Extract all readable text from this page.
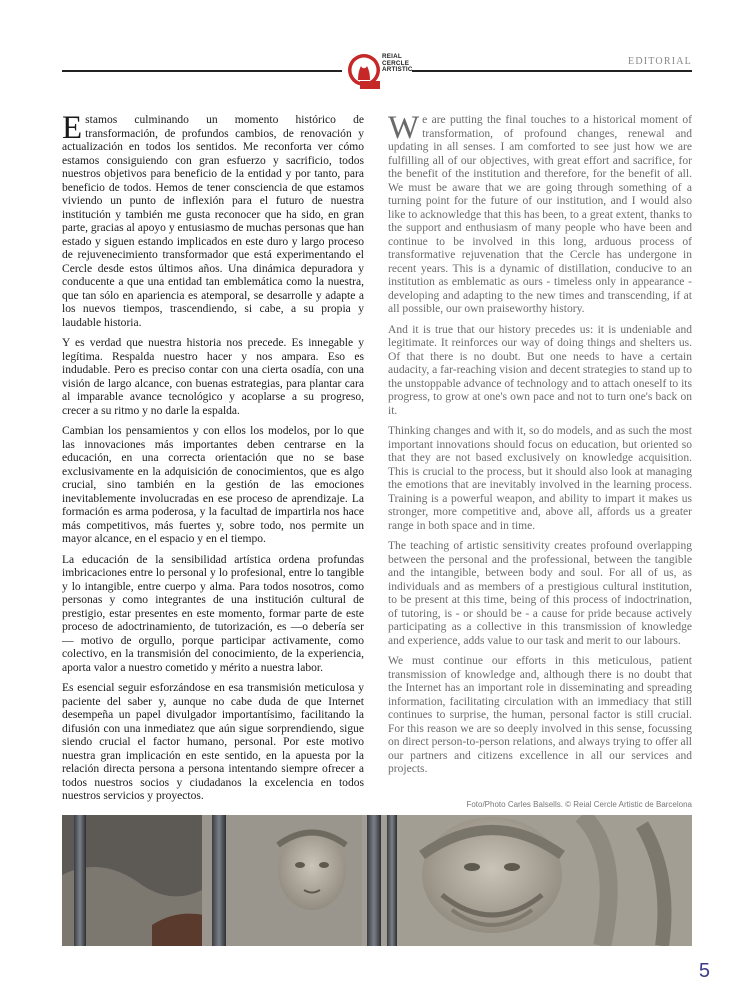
EDITORIAL
REIAL
CERCLE
ARTISTIC

Estamos culminando un momento histórico de transformación, de profundos cambios, de renovación y actualización en todos los sentidos. Me reconforta ver cómo estamos consiguiendo con gran esfuerzo y sacrificio, todos nuestros objetivos para beneficio de la entidad y por tanto, para beneficio de todos. Hemos de tener consciencia de que estamos viviendo un punto de inflexión para el futuro de nuestra institución y también me gusta reconocer que ha sido, en gran parte, gracias al apoyo y entusiasmo de muchas personas que han estado y siguen estando implicados en este duro y largo proceso de rejuvenecimiento transformador que está experimentando el Cercle desde estos últimos años. Una dinámica depuradora y conducente a que una entidad tan emblemática como la nuestra, que tan sólo en apariencia es atemporal, se desarrolle y adapte a los nuevos tiempos, trascendiendo, si cabe, a su propia y laudable historia.

Y es verdad que nuestra historia nos precede. Es innegable y legítima. Respalda nuestro hacer y nos ampara. Eso es indudable. Pero es preciso contar con una cierta osadía, con una visión de largo alcance, con buenas estrategias, para plantar cara al imparable avance tecnológico y acoplarse a su progreso, crecer a su ritmo y no darle la espalda.

Cambian los pensamientos y con ellos los modelos, por lo que las innovaciones más importantes deben centrarse en la educación, en una correcta orientación que no se base exclusivamente en la adquisición de conocimientos, que es algo crucial, sino también en la gestión de las emociones inevitablemente involucradas en ese proceso de aprendizaje. La formación es arma poderosa, y la facultad de impartirla nos hace más competitivos, más fuertes y, sobre todo, nos permite un mayor alcance, en el espacio y en el tiempo.

La educación de la sensibilidad artística ordena profundas imbricaciones entre lo personal y lo profesional, entre lo tangible y lo intangible, entre cuerpo y alma. Para todos nosotros, como personas y como integrantes de una institución cultural de prestigio, estar presentes en este momento, formar parte de este proceso de adoctrinamiento, de tutorización, es —o debería ser— motivo de orgullo, porque participar activamente, como colectivo, en la transmisión del conocimiento, de la experiencia, aporta valor a nuestro cometido y mérito a nuestra labor.

Es esencial seguir esforzándose en esa transmisión meticulosa y paciente del saber y, aunque no cabe duda de que Internet desempeña un papel divulgador importantísimo, facilitando la difusión con una inmediatez que aún sigue sorprendiendo, sigue siendo crucial el factor humano, personal. Por este motivo nuestra gran implicación en este sentido, en la apuesta por la relación directa persona a persona intentando siempre ofrecer a todos nuestros socios y ciudadanos la excelencia en todos nuestros servicios y proyectos.

We are putting the final touches to a historical moment of transformation, of profound changes, renewal and updating in all senses. I am comforted to see just how we are fulfilling all of our objectives, with great effort and sacrifice, for the benefit of the institution and therefore, for the benefit of all. We must be aware that we are going through something of a turning point for the future of our institution, and I would also like to acknowledge that this has been, to a great extent, thanks to the support and enthusiasm of many people who have been and continue to be involved in this long, arduous process of transformative rejuvenation that the Cercle has undergone in recent years. This is a dynamic of distillation, conducive to an institution as emblematic as ours - timeless only in appearance - developing and adapting to the new times and transcending, if at all possible, our own praiseworthy history.

And it is true that our history precedes us: it is undeniable and legitimate. It reinforces our way of doing things and shelters us. Of that there is no doubt. But one needs to have a certain audacity, a far-reaching vision and decent strategies to stand up to the unstoppable advance of technology and to attach oneself to its progress, to grow at one's own pace and not to turn one's back on it.

Thinking changes and with it, so do models, and as such the most important innovations should focus on education, but oriented so that they are not based exclusively on knowledge acquisition. This is crucial to the process, but it should also look at managing the emotions that are inevitably involved in the learning process. Training is a powerful weapon, and ability to impart it makes us stronger, more competitive and, above all, affords us a greater range in both space and in time.

The teaching of artistic sensitivity creates profound overlapping between the personal and the professional, between the tangible and the intangible, between body and soul. For all of us, as individuals and as members of a prestigious cultural institution, to be present at this time, being of this process of indoctrination, of tutoring, is - or should be - a cause for pride because actively participating as a collective in this transmission of knowledge and experience, adds value to our task and merit to our labours.

We must continue our efforts in this meticulous, patient transmission of knowledge and, although there is no doubt that the Internet has an important role in disseminating and spreading information, facilitating circulation with an immediacy that still continues to surprise, the human, personal factor is still crucial. For this reason we are so deeply involved in this sense, focussing on direct person-to-person relations, and always trying to offer all our partners and citizens excellence in all our services and projects.

Foto/Photo Carles Balsells. © Reial Cercle Artistic de Barcelona
5
